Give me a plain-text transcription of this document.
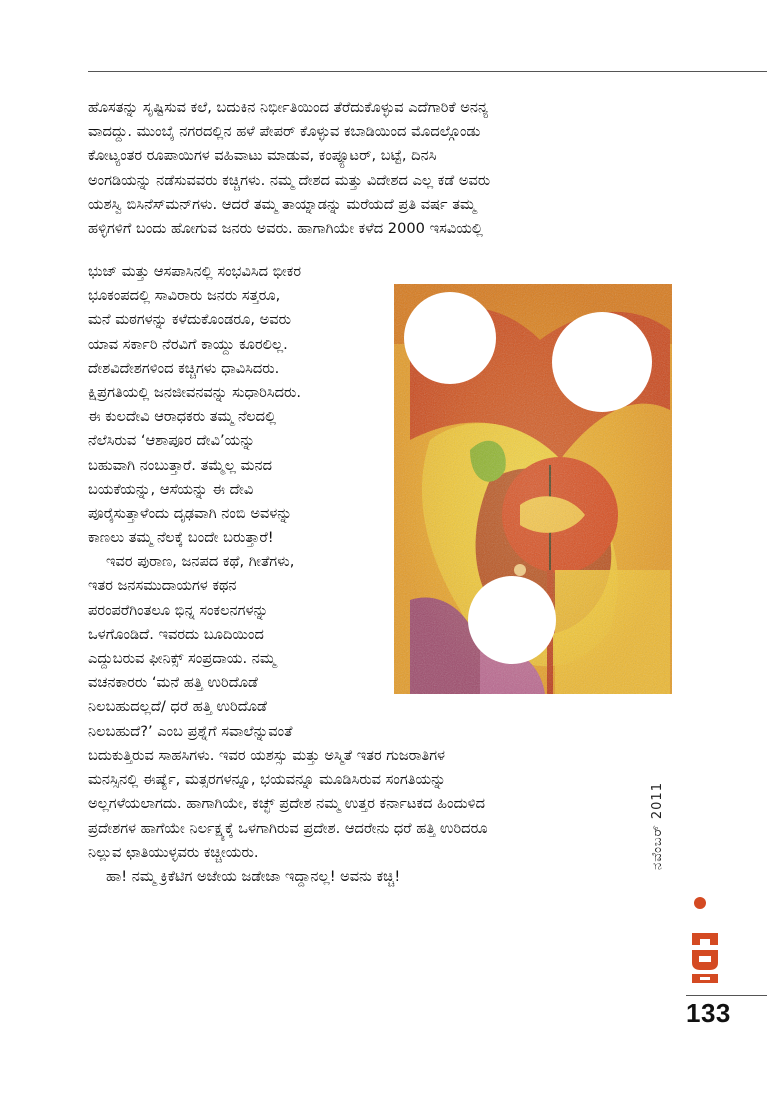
ಹೊಸತನ್ನು ಸೃಷ್ಟಿಸುವ ಕಲೆ, ಬದುಕಿನ ನಿರ್ಭೀತಿಯಿಂದ ತೆರೆದುಕೊಳ್ಳುವ ಎದೆಗಾರಿಕೆ ಅನನ್ಯ
ವಾದದ್ದು. ಮುಂಬೈ ನಗರದಲ್ಲಿನ ಹಳೆ ಪೇಪರ್ ಕೊಳ್ಳುವ ಕಬಾಡಿಯಿಂದ ಮೊದಲ್ಗೊಂಡು
ಕೋಟ್ಯಂತರ ರೂಪಾಯಿಗಳ ವಹಿವಾಟು ಮಾಡುವ, ಕಂಪ್ಯೂಟರ್, ಬಟ್ಟೆ, ದಿನಸಿ
ಅಂಗಡಿಯನ್ನು ನಡೆಸುವವರು ಕಚ್ಚಿಗಳು. ನಮ್ಮ ದೇಶದ ಮತ್ತು ವಿದೇಶದ ಎಲ್ಲ ಕಡೆ ಅವರು
ಯಶಸ್ವಿ ಬಿಸಿನೆಸ್‌ಮನ್‌ಗಳು. ಆದರೆ ತಮ್ಮ ತಾಯ್ನಾಡನ್ನು ಮರೆಯದೆ ಪ್ರತಿ ವರ್ಷ ತಮ್ಮ
ಹಳ್ಳಿಗಳಿಗೆ ಬಂದು ಹೋಗುವ ಜನರು ಅವರು. ಹಾಗಾಗಿಯೇ ಕಳೆದ 2000 ಇಸವಿಯಲ್ಲಿ
ಭುಜ್ ಮತ್ತು ಆಸಪಾಸಿನಲ್ಲಿ ಸಂಭವಿಸಿದ ಭೀಕರ
ಭೂಕಂಪದಲ್ಲಿ ಸಾವಿರಾರು ಜನರು ಸತ್ತರೂ,
ಮನೆ ಮಠಗಳನ್ನು ಕಳೆದುಕೊಂಡರೂ, ಅವರು
ಯಾವ ಸರ್ಕಾರಿ ನೆರವಿಗೆ ಕಾಯ್ದು ಕೂರಲಿಲ್ಲ.
ದೇಶವಿದೇಶಗಳಿಂದ ಕಚ್ಚಿಗಳು ಧಾವಿಸಿದರು.
ಕ್ಷಿಪ್ರಗತಿಯಲ್ಲಿ ಜನಜೀವನವನ್ನು ಸುಧಾರಿಸಿದರು.
ಈ ಕುಲದೇವಿ ಆರಾಧಕರು ತಮ್ಮ ನೆಲದಲ್ಲಿ
ನೆಲೆಸಿರುವ ‘ಆಶಾಪೂರ ದೇವಿ’ಯನ್ನು
ಬಹುವಾಗಿ ನಂಬುತ್ತಾರೆ. ತಮ್ಮೆಲ್ಲ ಮನದ
ಬಯಕೆಯನ್ನು, ಆಸೆಯನ್ನು ಈ ದೇವಿ
ಪೂರೈಸುತ್ತಾಳೆಂದು ದೃಢವಾಗಿ ನಂಬಿ ಅವಳನ್ನು
ಕಾಣಲು ತಮ್ಮ ನೆಲಕ್ಕೆ ಬಂದೇ ಬರುತ್ತಾರೆ!
ಇವರ ಪುರಾಣ, ಜನಪದ ಕಥೆ, ಗೀತೆಗಳು,
ಇತರ ಜನಸಮುದಾಯಗಳ ಕಥನ
ಪರಂಪರೆಗಿಂತಲೂ ಭಿನ್ನ ಸಂಕಲನಗಳನ್ನು
ಒಳಗೊಂಡಿದೆ. ಇವರದು ಬೂದಿಯಿಂದ
ಎದ್ದುಬರುವ ಫೀನಿಕ್ಸ್ ಸಂಪ್ರದಾಯ. ನಮ್ಮ
ವಚನಕಾರರು ‘ಮನೆ ಹತ್ತಿ ಉರಿದೊಡೆ
ನಿಲಬಹುದಲ್ಲದೆ/ ಧರೆ ಹತ್ತಿ ಉರಿದೊಡೆ
ನಿಲಬಹುದೆ?’ ಎಂಬ ಪ್ರಶ್ನೆಗೆ ಸವಾಲೆನ್ನುವಂತೆ
ಬದುಕುತ್ತಿರುವ ಸಾಹಸಿಗಳು. ಇವರ ಯಶಸ್ಸು ಮತ್ತು ಅಸ್ಮಿತೆ ಇತರ ಗುಜರಾತಿಗಳ
ಮನಸ್ಸಿನಲ್ಲಿ ಈರ್ಷ್ಯೆ, ಮತ್ಸರಗಳನ್ನೂ, ಭಯವನ್ನೂ ಮೂಡಿಸಿರುವ ಸಂಗತಿಯನ್ನು
ಅಲ್ಲಗಳೆಯಲಾಗದು. ಹಾಗಾಗಿಯೇ, ಕಚ್ಛ್ ಪ್ರದೇಶ ನಮ್ಮ ಉತ್ತರ ಕರ್ನಾಟಕದ ಹಿಂದುಳಿದ
ಪ್ರದೇಶಗಳ ಹಾಗೆಯೇ ನಿರ್ಲಕ್ಷ್ಯಕ್ಕೆ ಒಳಗಾಗಿರುವ ಪ್ರದೇಶ. ಆದರೇನು ಧರೆ ಹತ್ತಿ ಉರಿದರೂ
ನಿಲ್ಲುವ ಛಾತಿಯುಳ್ಳವರು ಕಚ್ಚೀಯರು.
ಹಾ! ನಮ್ಮ ಕ್ರಿಕೆಟಿಗ ಅಜೇಯ ಜಡೇಜಾ ಇದ್ದಾನಲ್ಲ! ಅವನು ಕಚ್ಚಿ!
ನವೆಂಬರ್ 2011
133
